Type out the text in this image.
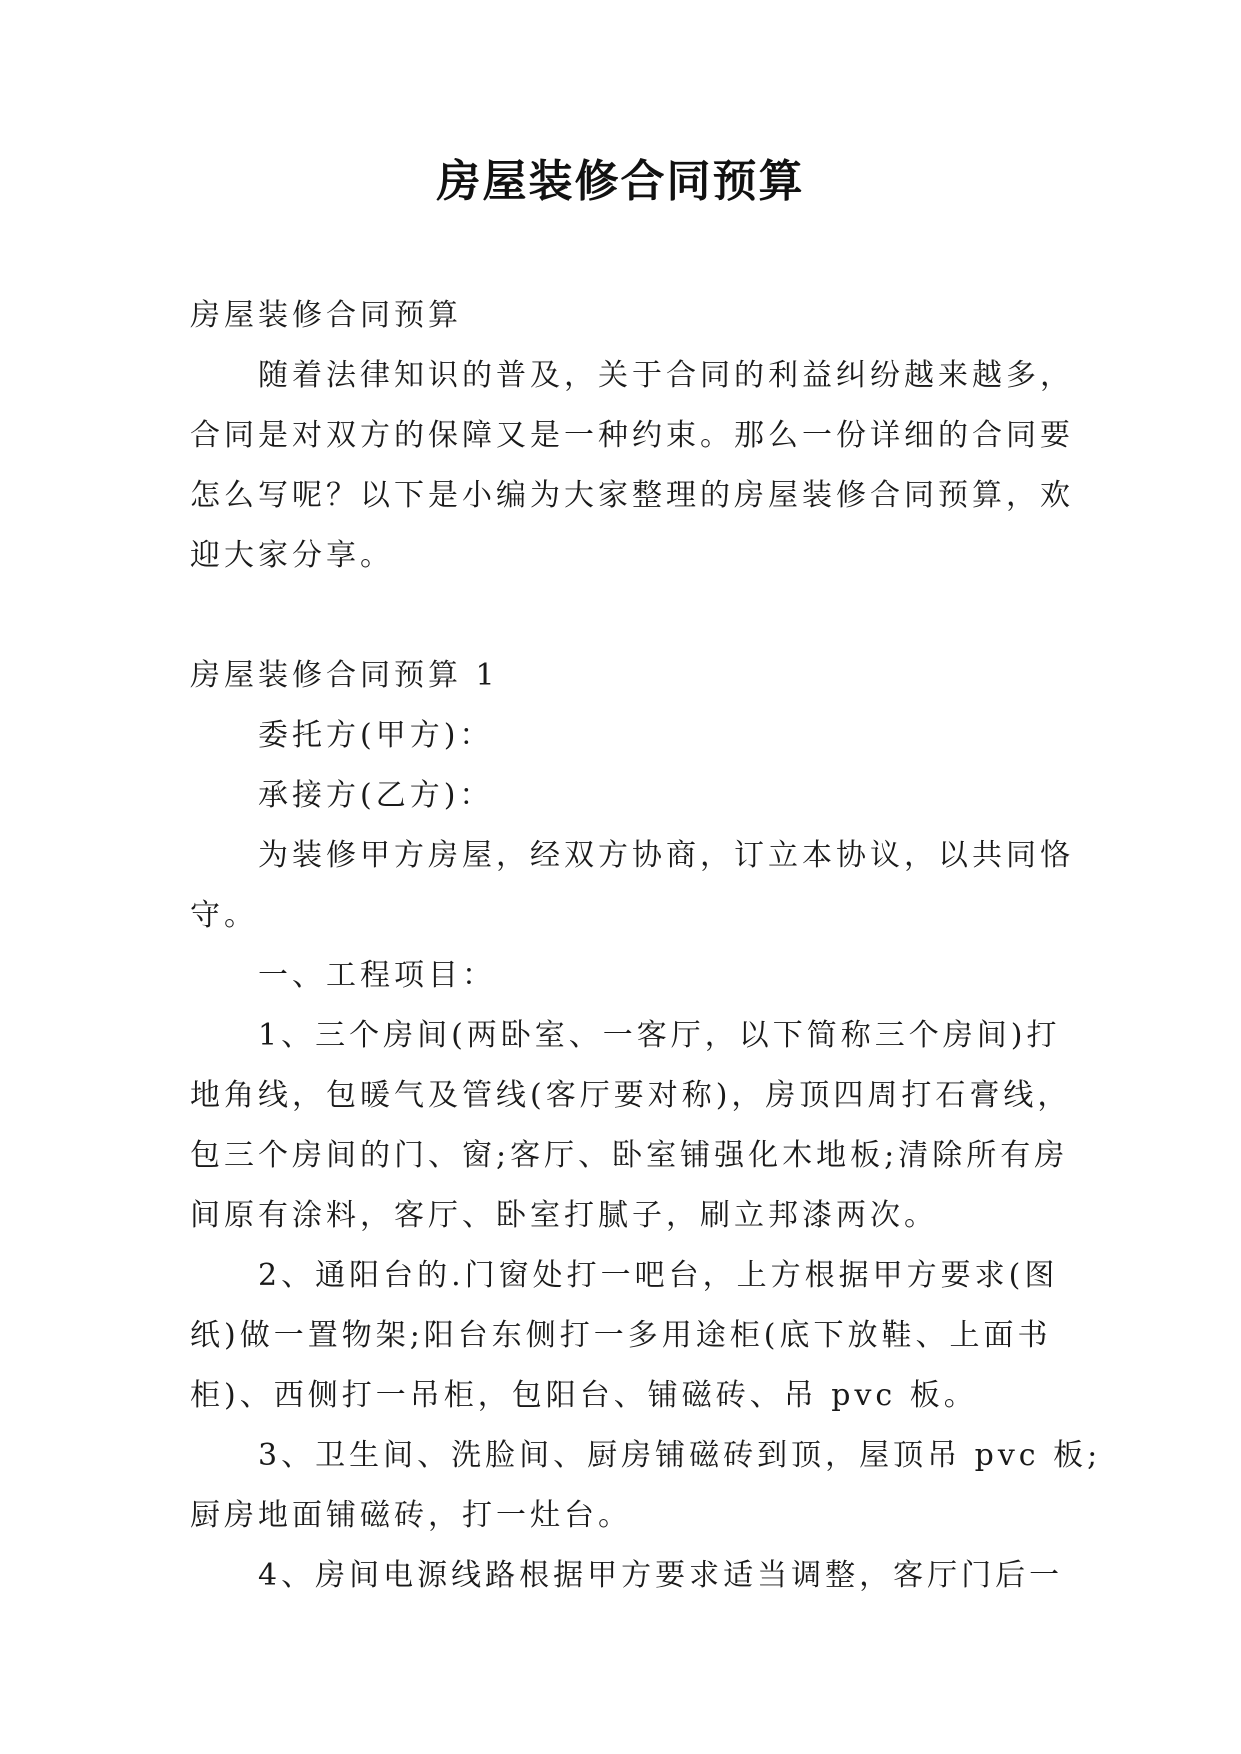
房屋装修合同预算

房屋装修合同预算

随着法律知识的普及，关于合同的利益纠纷越来越多，

合同是对双方的保障又是一种约束。那么一份详细的合同要

怎么写呢？以下是小编为大家整理的房屋装修合同预算，欢

迎大家分享。

房屋装修合同预算 1

委托方(甲方)：

承接方(乙方)：

为装修甲方房屋，经双方协商，订立本协议，以共同恪

守。

一、工程项目：

1、三个房间(两卧室、一客厅，以下简称三个房间)打

地角线，包暖气及管线(客厅要对称)，房顶四周打石膏线，

包三个房间的门、窗;客厅、卧室铺强化木地板;清除所有房

间原有涂料，客厅、卧室打腻子，刷立邦漆两次。

2、通阳台的.门窗处打一吧台，上方根据甲方要求(图

纸)做一置物架;阳台东侧打一多用途柜(底下放鞋、上面书

柜)、西侧打一吊柜，包阳台、铺磁砖、吊 pvc 板。

3、卫生间、洗脸间、厨房铺磁砖到顶，屋顶吊 pvc 板;

厨房地面铺磁砖，打一灶台。

4、房间电源线路根据甲方要求适当调整，客厅门后一
